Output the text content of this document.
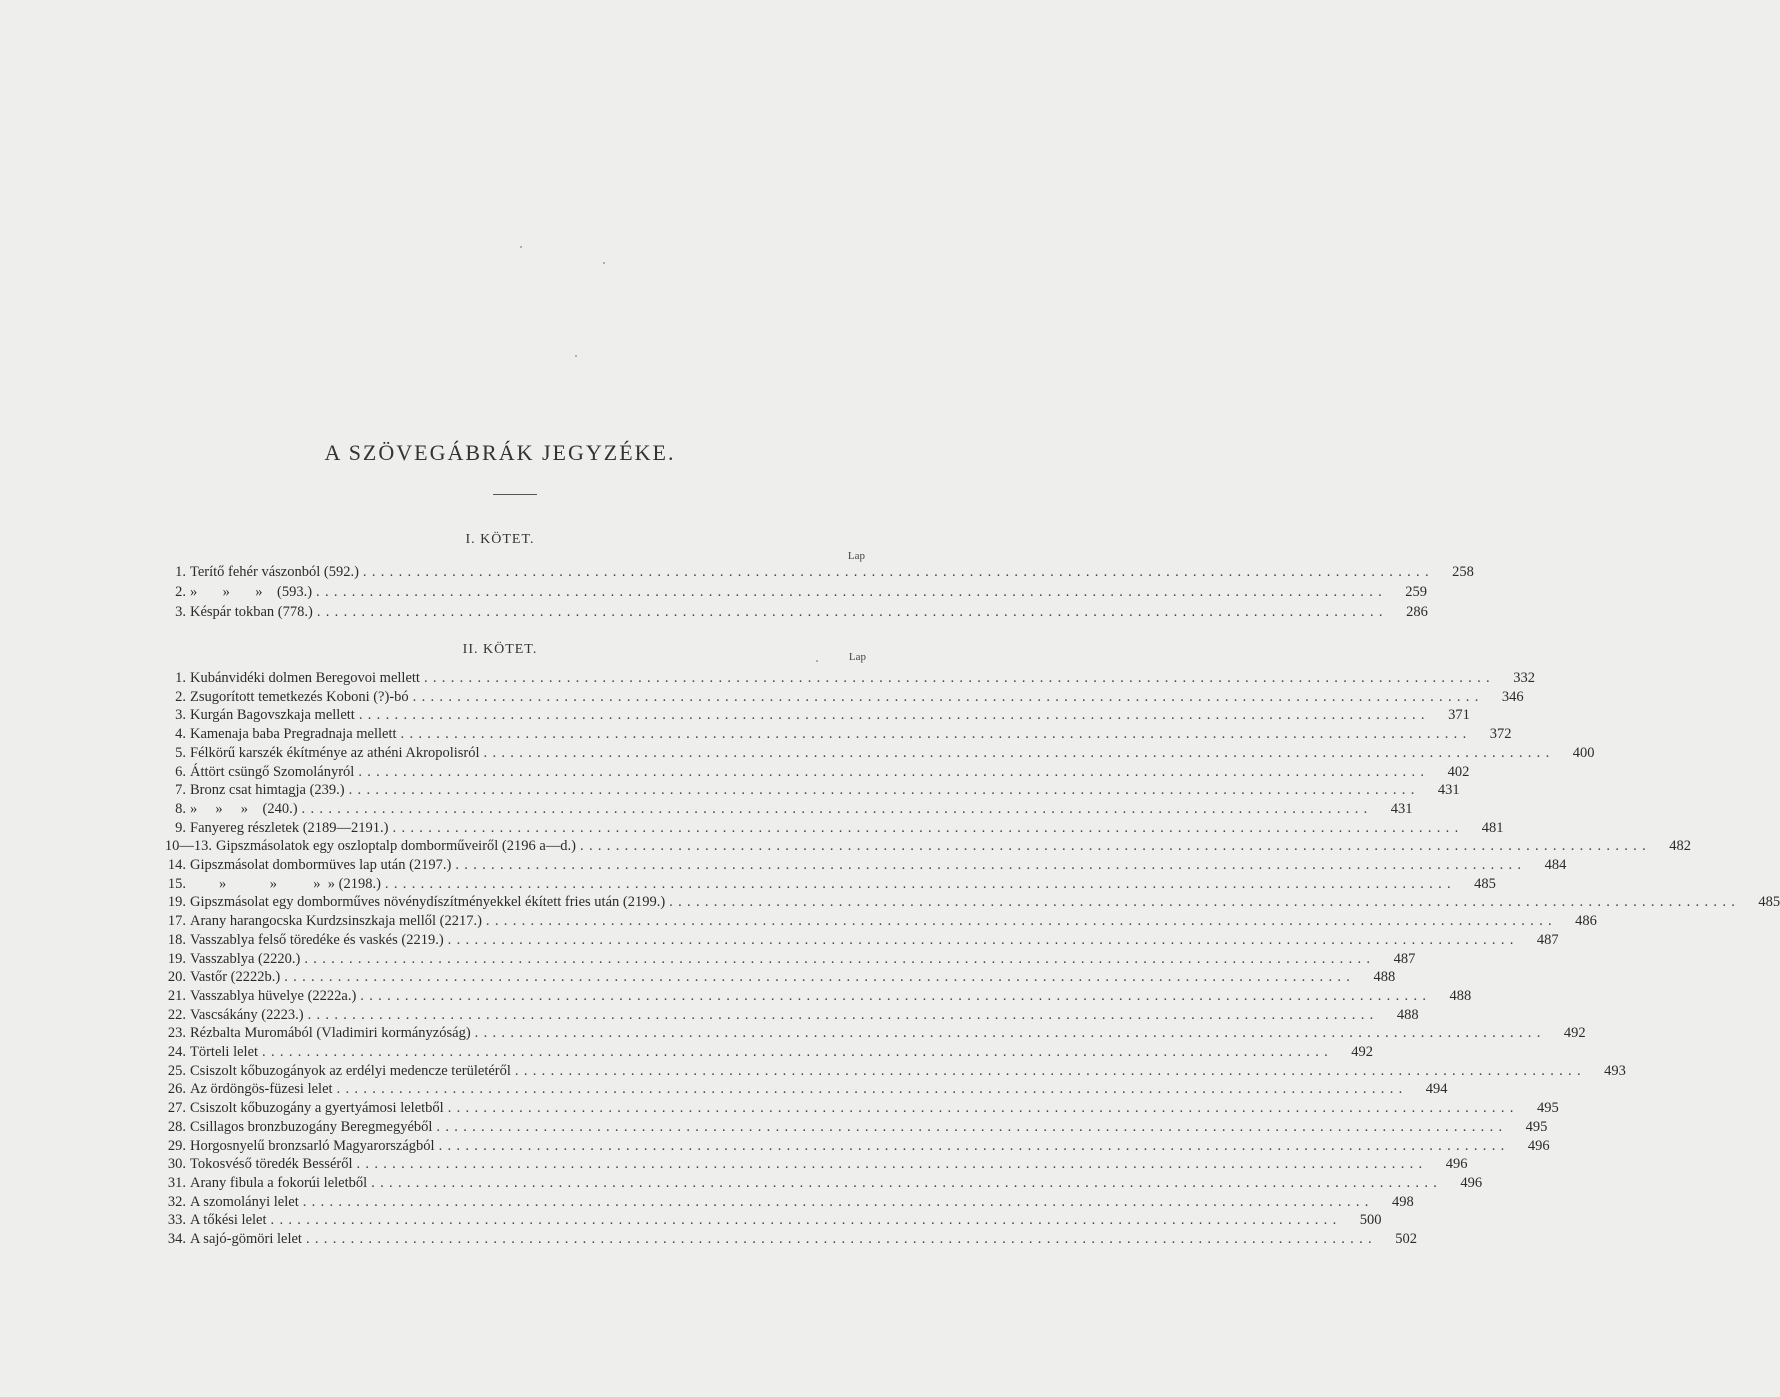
A SZÖVEGÁBRÁK JEGYZÉKE.
I. KÖTET.
Lap
1. Terítő fehér vászonból (592.) ........................................................................................................................	258
2. »       »       »    (593.) ........................................................................................................................	259
3. Késpár tokban (778.) ........................................................................................................................	286
II. KÖTET.	Lap
1. Kubánvidéki dolmen Beregovoi mellett ........................................................................................................................	332
2. Zsugorított temetkezés Koboni (?)-bó ........................................................................................................................	346
3. Kurgán Bagovszkaja mellett ........................................................................................................................	371
4. Kamenaja baba Pregradnaja mellett ........................................................................................................................	372
5. Félkörű karszék ékítménye az athéni Akropolisról ........................................................................................................................	400
6. Áttört csüngő Szomolányról ........................................................................................................................	402
7. Bronz csat himtagja (239.) ........................................................................................................................	431
8. »     »     »    (240.) ........................................................................................................................	431
9. Fanyereg részletek (2189—2191.) ........................................................................................................................	481
10—13. Gipszmásolatok egy oszloptalp domborműveiről (2196 a—d.) ........................................................................................................................	482
14. Gipszmásolat dombormüves lap után (2197.) ........................................................................................................................	484
15. »            »          »  » (2198.) ........................................................................................................................	485
19. Gipszmásolat egy domborműves növénydíszítményekkel ékített fries után (2199.) ........................................................................................................................	485
17. Arany harangocska Kurdzsinszkaja mellől (2217.) ........................................................................................................................	486
18. Vasszablya felső töredéke és vaskés (2219.) ........................................................................................................................	487
19. Vasszablya (2220.) ........................................................................................................................	487
20. Vastőr (2222b.) ........................................................................................................................	488
21. Vasszablya hüvelye (2222a.) ........................................................................................................................	488
22. Vascsákány (2223.) ........................................................................................................................	488
23. Rézbalta Muromából (Vladimiri kormányzóság) ........................................................................................................................	492
24. Törteli lelet ........................................................................................................................	492
25. Csiszolt kőbuzogányok az erdélyi medencze területéről ........................................................................................................................	493
26. Az ördöngös-füzesi lelet ........................................................................................................................	494
27. Csiszolt kőbuzogány a gyertyámosi leletből ........................................................................................................................	495
28. Csillagos bronzbuzogány Beregmegyéből ........................................................................................................................	495
29. Horgosnyelű bronzsarló Magyarországból ........................................................................................................................	496
30. Tokosvéső töredék Besséről ........................................................................................................................	496
31. Arany fibula a fokorúi leletből ........................................................................................................................	496
32. A szomolányi lelet ........................................................................................................................	498
33. A tőkési lelet ........................................................................................................................	500
34. A sajó-gömöri lelet ........................................................................................................................	502
